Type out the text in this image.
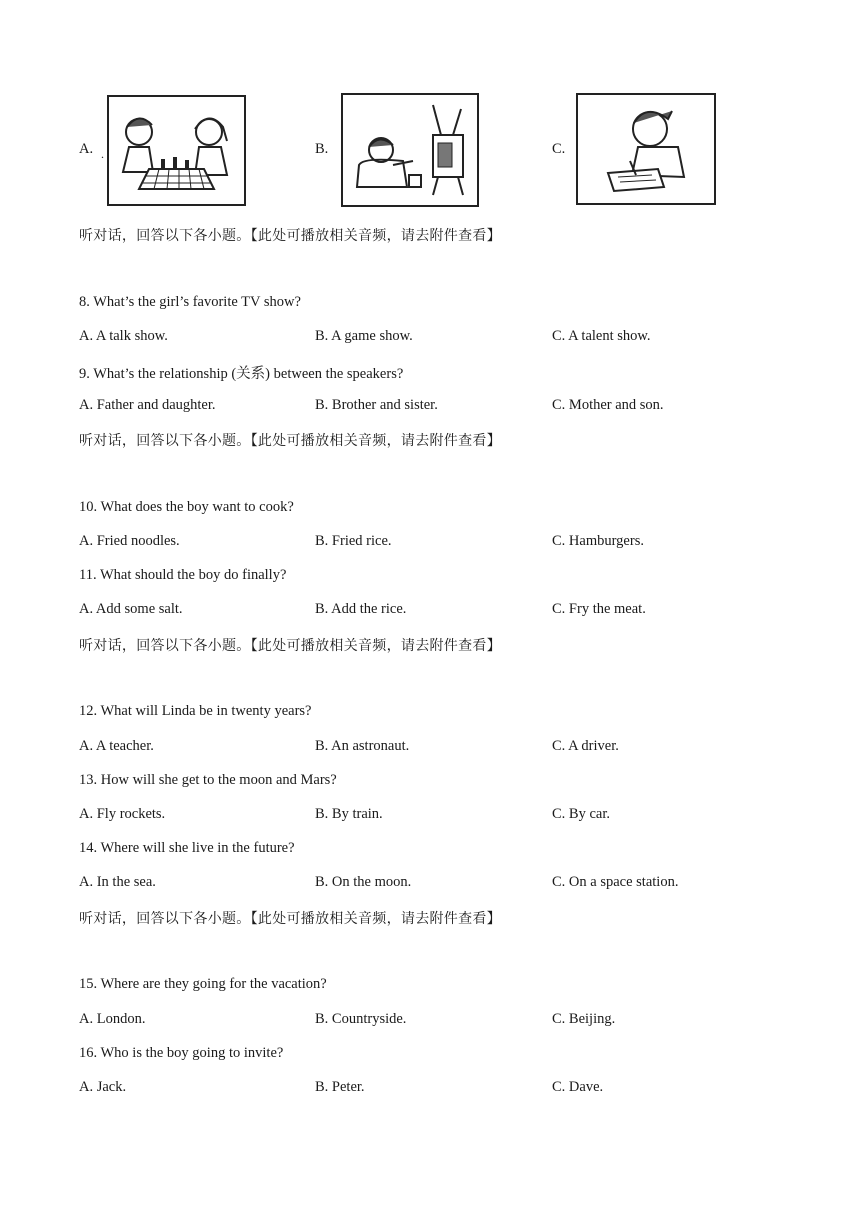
A. .	B.	C.
听对话，回答以下各小题。【此处可播放相关音频，请去附件查看】
8. What’s the girl’s favorite TV show?
A. A talk show.	B. A game show.	C. A talent show.
9. What’s the relationship (关系) between the speakers?
A. Father and daughter.	B. Brother and sister.	C. Mother and son.
听对话，回答以下各小题。【此处可播放相关音频，请去附件查看】
10. What does the boy want to cook?
A. Fried noodles.	B. Fried rice.	C. Hamburgers.
11. What should the boy do finally?
A. Add some salt.	B. Add the rice.	C. Fry the meat.
听对话，回答以下各小题。【此处可播放相关音频，请去附件查看】
12. What will Linda be in twenty years?
A. A teacher.	B. An astronaut.	C. A driver.
13. How will she get to the moon and Mars?
A. Fly rockets.	B. By train.	C. By car.
14. Where will she live in the future?
A. In the sea.	B. On the moon.	C. On a space station.
听对话，回答以下各小题。【此处可播放相关音频，请去附件查看】
15. Where are they going for the vacation?
A. London.	B. Countryside.	C. Beijing.
16. Who is the boy going to invite?
A. Jack.	B. Peter.	C. Dave.
